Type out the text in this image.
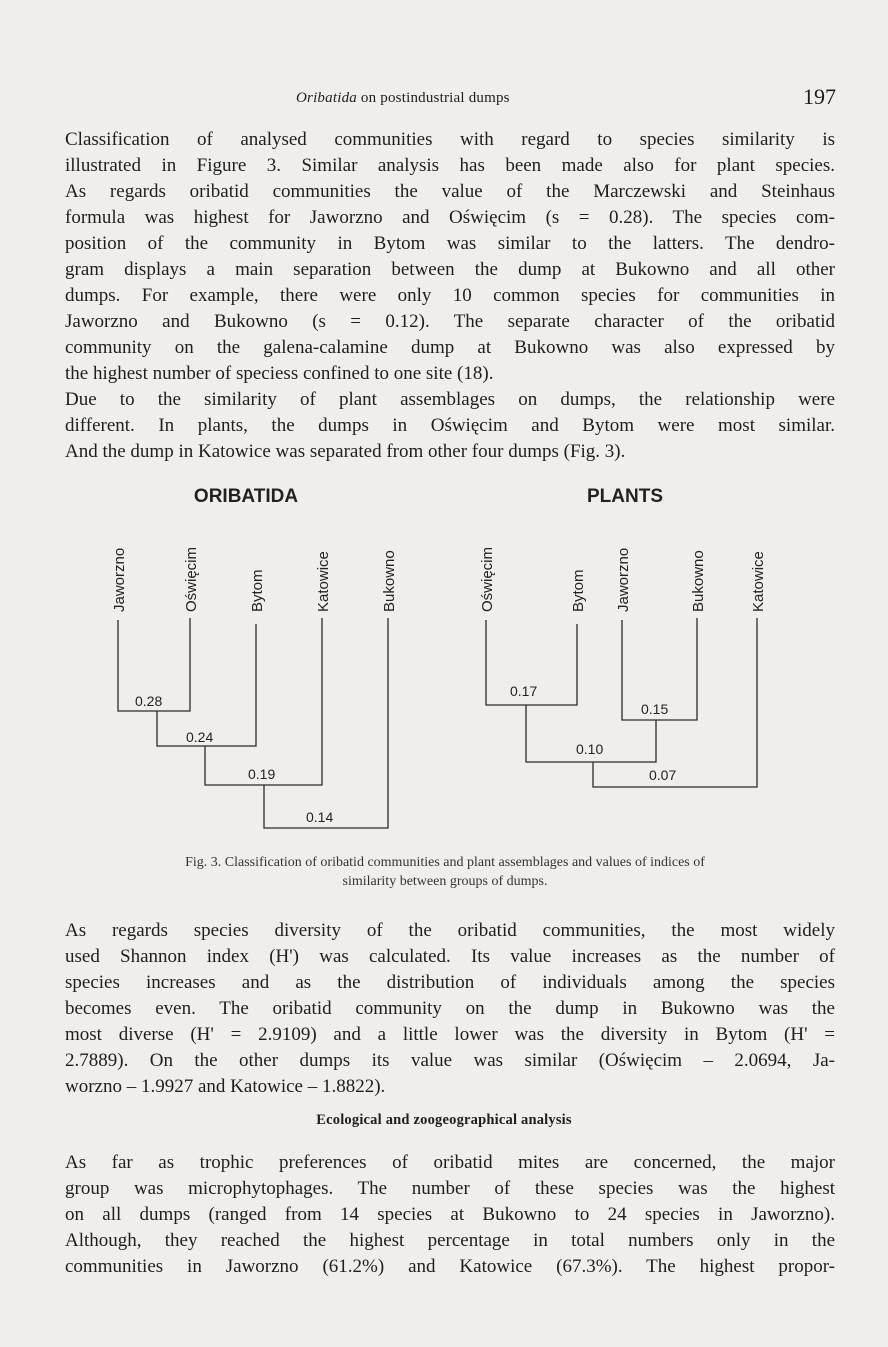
Oribatida on postindustrial dumps	197
Classification of analysed communities with regard to species similarity is
illustrated in Figure 3. Similar analysis has been made also for plant species.
As regards oribatid communities the value of the Marczewski and Steinhaus
formula was highest for Jaworzno and Oświęcim (s = 0.28). The species com-
position of the community in Bytom was similar to the latters. The dendro-
gram displays a main separation between the dump at Bukowno and all other
dumps. For example, there were only 10 common species for communities in
Jaworzno and Bukowno (s = 0.12). The separate character of the oribatid
community on the galena-calamine dump at Bukowno was also expressed by
the highest number of speciess confined to one site (18).
Due to the similarity of plant assemblages on dumps, the relationship were
different. In plants, the dumps in Oświęcim and Bytom were most similar.
And the dump in Katowice was separated from other four dumps (Fig. 3).
ORIBATIDA	PLANTS
Jaworzno	Oświęcim	Bytom	Katowice	Bukowno	Oświęcim	Bytom Jaworzno	Bukowno	Katowice
0.28
0.24
0.19
0.14
0.17
0.15
0.10
0.07
Fig. 3. Classification of oribatid communities and plant assemblages and values of indices of
similarity between groups of dumps.
As regards species diversity of the oribatid communities, the most widely
used Shannon index (H') was calculated. Its value increases as the number of
species increases and as the distribution of individuals among the species
becomes even. The oribatid community on the dump in Bukowno was the
most diverse (H' = 2.9109) and a little lower was the diversity in Bytom (H' =
2.7889). On the other dumps its value was similar (Oświęcim – 2.0694, Ja-
worzno – 1.9927 and Katowice – 1.8822).
Ecological and zoogeographical analysis
As far as trophic preferences of oribatid mites are concerned, the major
group was microphytophages. The number of these species was the highest
on all dumps (ranged from 14 species at Bukowno to 24 species in Jaworzno).
Although, they reached the highest percentage in total numbers only in the
communities in Jaworzno (61.2%) and Katowice (67.3%). The highest propor-
